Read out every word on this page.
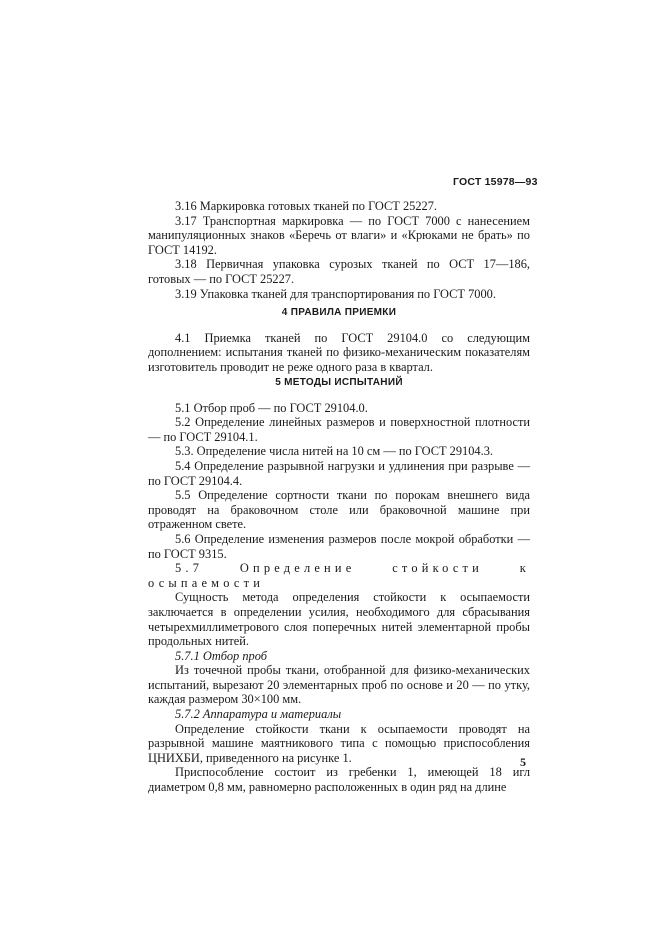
ГОСТ 15978—93

3.16 Маркировка готовых тканей по ГОСТ 25227.

3.17 Транспортная маркировка — по ГОСТ 7000 с нанесением манипуляционных знаков «Беречь от влаги» и «Крюками не брать» по ГОСТ 14192.

3.18 Первичная упаковка сурозых тканей по ОСТ 17—186, готовых — по ГОСТ 25227.

3.19 Упаковка тканей для транспортирования по ГОСТ 7000.

4 ПРАВИЛА ПРИЕМКИ

4.1 Приемка тканей по ГОСТ 29104.0 со следующим дополнением: испытания тканей по физико-механическим показателям изготовитель проводит не реже одного раза в квартал.

5 МЕТОДЫ ИСПЫТАНИЙ

5.1 Отбор проб — по ГОСТ 29104.0.

5.2 Определение линейных размеров и поверхностной плотности — по ГОСТ 29104.1.

5.3. Определение числа нитей на 10 см — по ГОСТ 29104.3.

5.4 Определение разрывной нагрузки и удлинения при разрыве — по ГОСТ 29104.4.

5.5 Определение сортности ткани по порокам внешнего вида проводят на браковочном столе или браковочной машине при отраженном свете.

5.6 Определение изменения размеров после мокрой обработки — по ГОСТ 9315.

5.7 Определение стойкости к осыпаемости

Сущность метода определения стойкости к осыпаемости заключается в определении усилия, необходимого для сбрасывания четырехмиллиметрового слоя поперечных нитей элементарной пробы продольных нитей.

5.7.1 Отбор проб

Из точечной пробы ткани, отобранной для физико-механических испытаний, вырезают 20 элементарных проб по основе и 20 — по утку, каждая размером 30×100 мм.

5.7.2 Аппаратура и материалы

Определение стойкости ткани к осыпаемости проводят на разрывной машине маятникового типа с помощью приспособления ЦНИХБИ, приведенного на рисунке 1.

Приспособление состоит из гребенки 1, имеющей 18 игл диаметром 0,8 мм, равномерно расположенных в один ряд на длине

5
